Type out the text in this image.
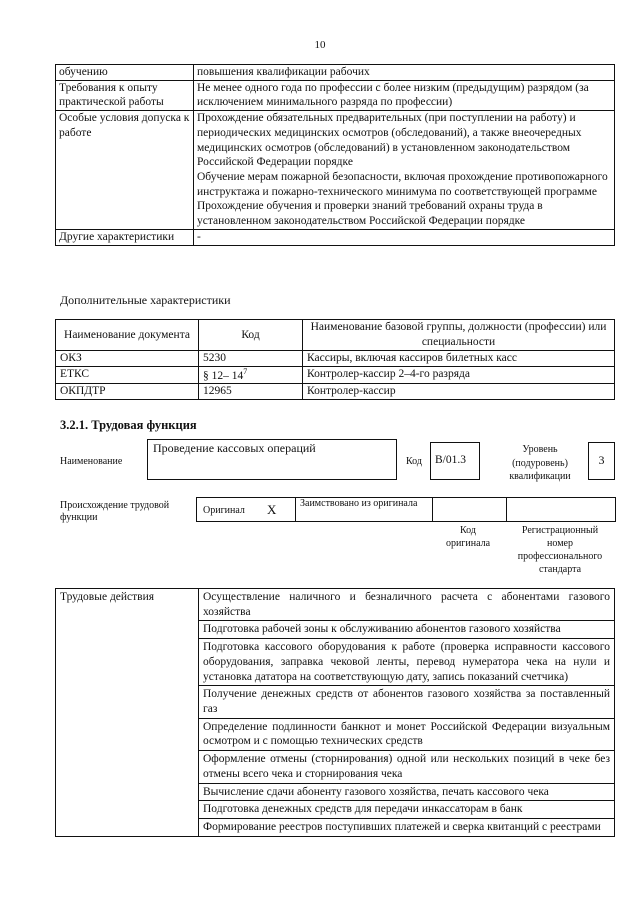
10
обучению	повышения квалификации рабочих
Требования к опыту практической работы	Не менее одного года по профессии с более низким (предыдущим) разрядом (за исключением минимального разряда по профессии)
Особые условия допуска к работе	Прохождение обязательных предварительных (при поступлении на работу) и периодических медицинских осмотров (обследований), а также внеочередных медицинских осмотров (обследований) в установленном законодательством Российской Федерации порядке
Обучение мерам пожарной безопасности, включая прохождение противопожарного инструктажа и пожарно-технического минимума по соответствующей программе
Прохождение обучения и проверки знаний требований охраны труда в установленном законодательством Российской Федерации порядке

Другие характеристики	-
Дополнительные характеристики
Наименование документа	Код	Наименование базовой группы, должности (профессии) или специальности
ОКЗ	5230	Кассиры, включая кассиров билетных касс
ЕТКС	§ 12– $14^7$	Контролер-кассир 2–4-го разряда
ОКПДТР	12965	Контролер-кассир
3.2.1. Трудовая функция
Наименование
Проведение кассовых операций
Код	B/01.3
Уровень (подуровень) квалификации
3
Происхождение трудовой функции
Оригинал X	Заимствовано из оригинала
Код оригинала
Регистрационный номер профессионального стандарта
Трудовые действия	Осуществление наличного и безналичного расчета с абонентами газового хозяйства
Подготовка рабочей зоны к обслуживанию абонентов газового хозяйства
Подготовка кассового оборудования к работе (проверка исправности кассового оборудования, заправка чековой ленты, перевод нумератора чека на нули и установка дататора на соответствующую дату, запись показаний счетчика)
Получение денежных средств от абонентов газового хозяйства за поставленный газ
Определение подлинности банкнот и монет Российской Федерации визуальным осмотром и с помощью технических средств
Оформление отмены (сторнирования) одной или нескольких позиций в чеке без отмены всего чека и сторнирования чека
Вычисление сдачи абоненту газового хозяйства, печать кассового чека
Подготовка денежных средств для передачи инкассаторам в банк
Формирование реестров поступивших платежей и сверка квитанций с реестрами
